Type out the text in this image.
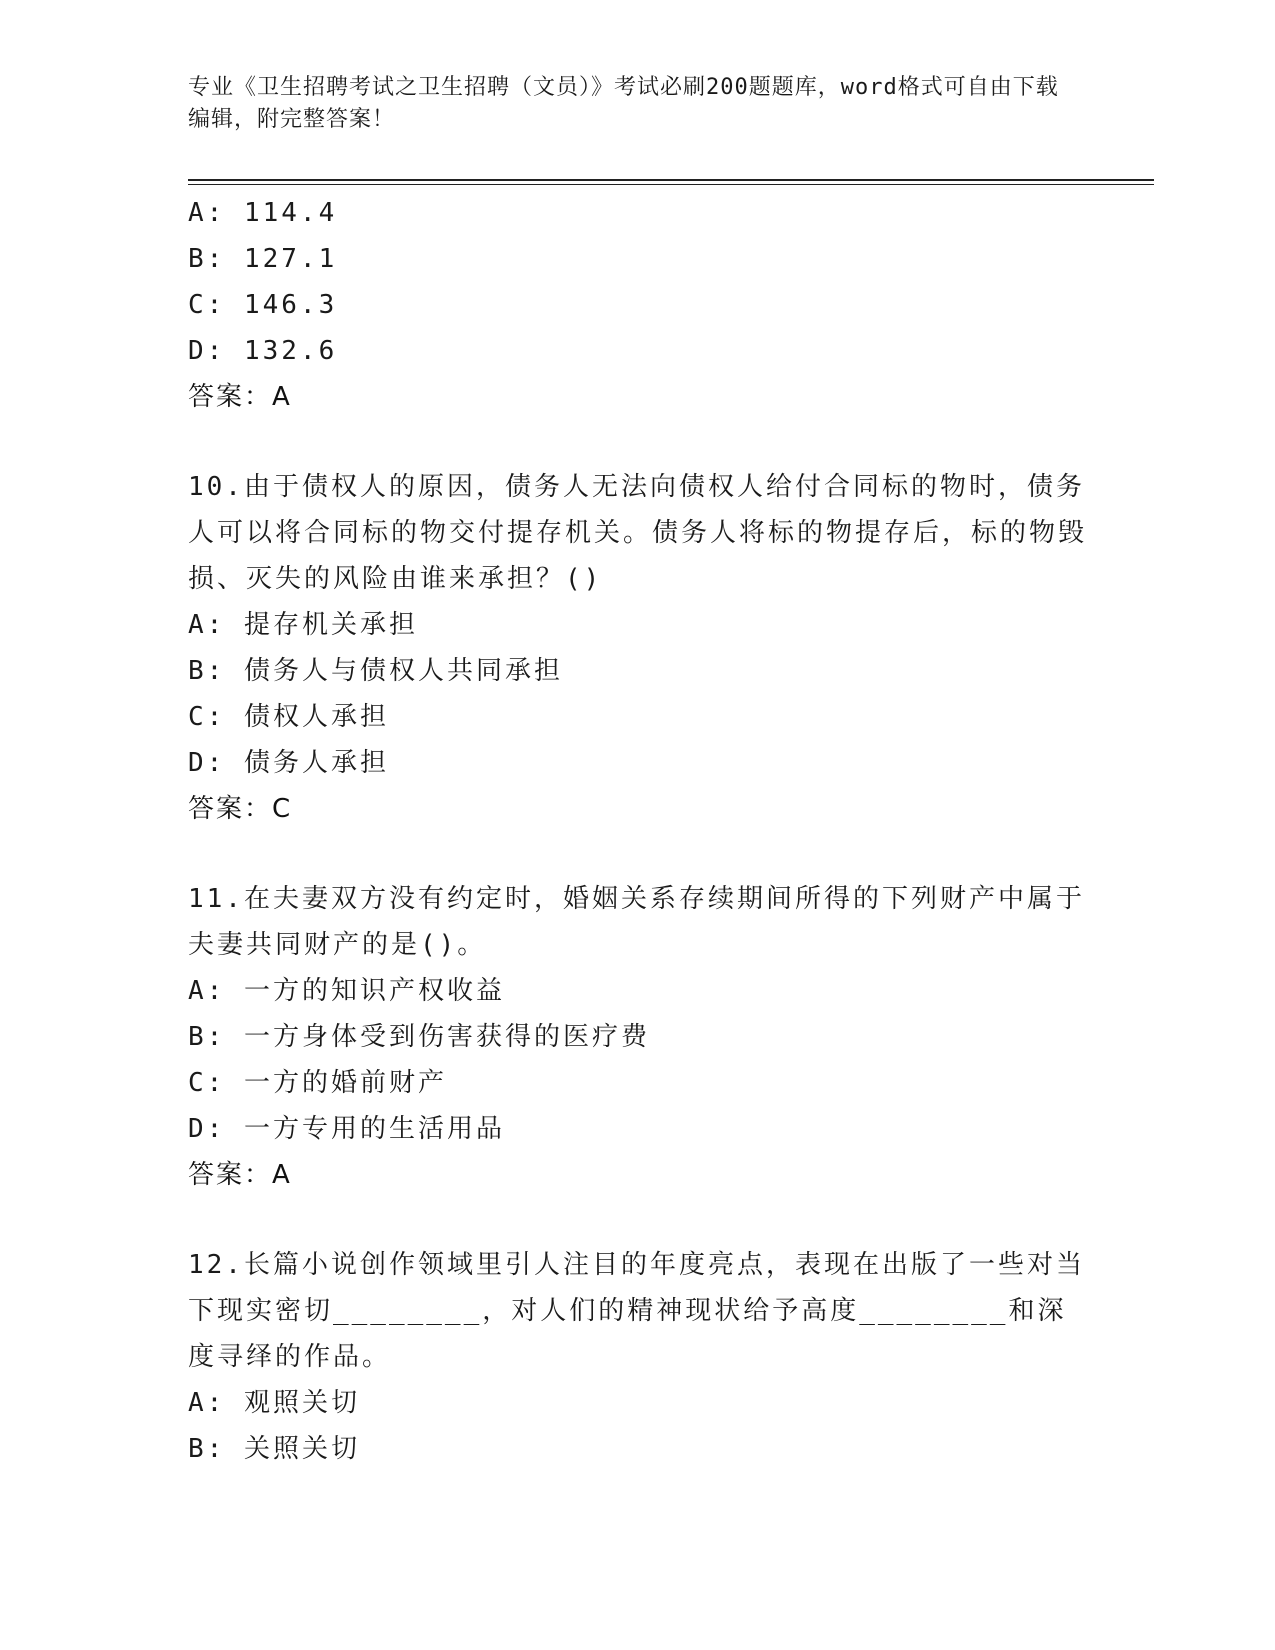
专业《卫生招聘考试之卫生招聘（文员）》考试必刷200题题库，word格式可自由下载编辑，附完整答案！
A: 114.4
B: 127.1
C: 146.3
D: 132.6
答案：A
10.由于债权人的原因，债务人无法向债权人给付合同标的物时，债务人可以将合同标的物交付提存机关。债务人将标的物提存后，标的物毁损、灭失的风险由谁来承担？()
A: 提存机关承担
B: 债务人与债权人共同承担
C: 债权人承担
D: 债务人承担
答案：C
11.在夫妻双方没有约定时，婚姻关系存续期间所得的下列财产中属于夫妻共同财产的是()。
A: 一方的知识产权收益
B: 一方身体受到伤害获得的医疗费
C: 一方的婚前财产
D: 一方专用的生活用品
答案：A
12.长篇小说创作领域里引人注目的年度亮点，表现在出版了一些对当下现实密切________，对人们的精神现状给予高度________和深度寻绎的作品。
A: 观照关切
B: 关照关切
